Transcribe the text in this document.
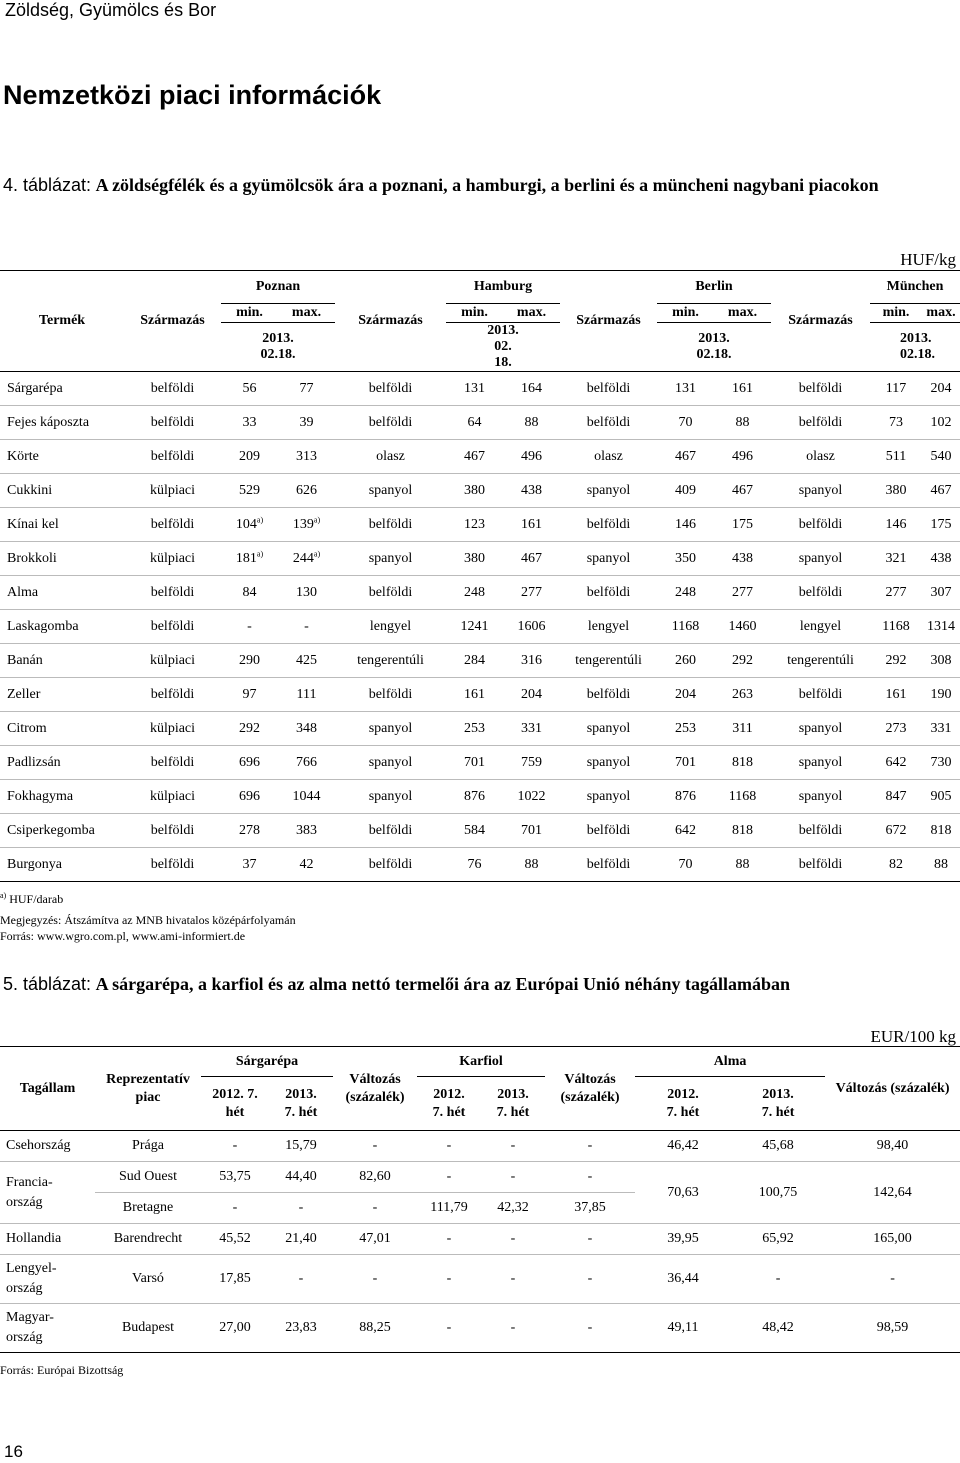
Zöldség, Gyümölcs és Bor
Nemzetközi piaci információk
4. táblázat: A zöldségfélék és a gyümölcsök ára a poznani, a hamburgi, a berlini és a müncheni nagybani piacokon
HUF/kg
Termék	Származás	Poznan		Származás	Hamburg		Származás	Berlin		Származás	München	
		min.	max.		min.	max.		min.	max.		min.	max.
		2013. 02.18.			2013. 02. 18.			2013. 02.18.			2013. 02.18.	
Sárgarépa	belföldi	56	77	belföldi	131	164	belföldi	131	161	belföldi	117	204
Fejes káposzta	belföldi	33	39	belföldi	64	88	belföldi	70	88	belföldi	73	102
Körte	belföldi	209	313	olasz	467	496	olasz	467	496	olasz	511	540
Cukkini	külpiaci	529	626	spanyol	380	438	spanyol	409	467	spanyol	380	467
Kínai kel	belföldi	104$^{a)}$	139$^{a)}$	belföldi	123	161	belföldi	146	175	belföldi	146	175
Brokkoli	külpiaci	181$^{a)}$	244$^{a)}$	spanyol	380	467	spanyol	350	438	spanyol	321	438
Alma	belföldi	84	130	belföldi	248	277	belföldi	248	277	belföldi	277	307
Laskagomba	belföldi	-	-	lengyel	1241	1606	lengyel	1168	1460	lengyel	1168	1314
Banán	külpiaci	290	425	tengerentúli	284	316	tengerentúli	260	292	tengerentúli	292	308
Zeller	belföldi	97	111	belföldi	161	204	belföldi	204	263	belföldi	161	190
Citrom	külpiaci	292	348	spanyol	253	331	spanyol	253	311	spanyol	273	331
Padlizsán	belföldi	696	766	spanyol	701	759	spanyol	701	818	spanyol	642	730
Fokhagyma	külpiaci	696	1044	spanyol	876	1022	spanyol	876	1168	spanyol	847	905
Csiperkegomba	belföldi	278	383	belföldi	584	701	belföldi	642	818	belföldi	672	818
Burgonya	belföldi	37	42	belföldi	76	88	belföldi	70	88	belföldi	82	88
$^{a)}$ HUF/darab
Megjegyzés: Átszámítva az MNB hivatalos középárfolyamán
Forrás: www.wgro.com.pl, www.ami-informiert.de
5. táblázat: A sárgarépa, a karfiol és az alma nettó termelői ára az Európai Unió néhány tagállamában
EUR/100 kg
Tagállam	Reprezentatív piac	Sárgarépa		Változás (százalék)	Karfiol		Változás (százalék)	Alma		Változás (százalék)
		2012. 7. hét	2013. 7. hét		2012. 7. hét	2013. 7. hét		2012. 7. hét	2013. 7. hét	
Csehország	Prága	-	15,79	-	-	-	-	46,42	45,68	98,40
Francia-ország	Sud Ouest	53,75	44,40	82,60	-	-	-	70,63	100,75	142,64
	Bretagne	-	-	-	111,79	42,32	37,85			
Hollandia	Barendrecht	45,52	21,40	47,01	-	-	-	39,95	65,92	165,00
Lengyel-ország	Varsó	17,85	-	-	-	-	-	36,44	-	-
Magyar-ország	Budapest	27,00	23,83	88,25	-	-	-	49,11	48,42	98,59
Forrás: Európai Bizottság
16
